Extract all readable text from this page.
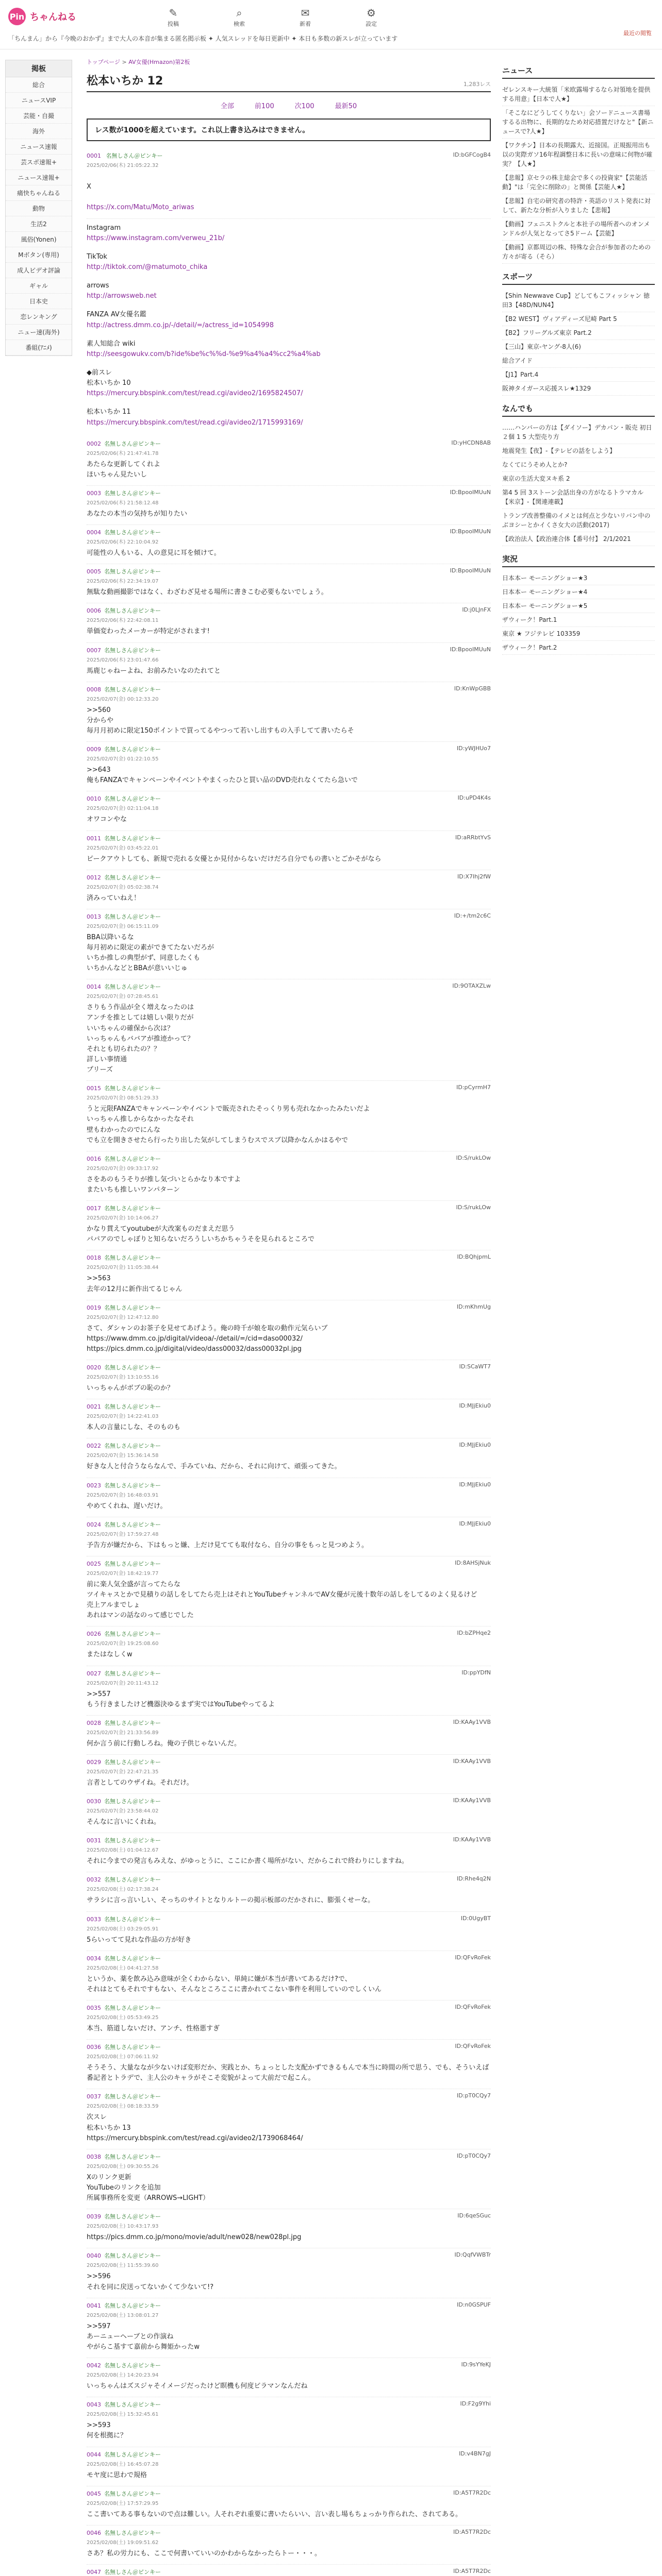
Pin ちゃんねる	✎
投稿
⌕
検索
✉
新着
⚙
設定
最近の閲覧
「ちんまん」から『今晩のおかず』まで大人の本音が集まる匿名掲示板 ✦ 人気スレッドを毎日更新中 ✦ 本日も多数の新スレが立っています
掲板
総合
ニュースVIP
芸能・自撮
海外
ニュース速報
芸スポ速報+
ニュース速報+
痛快ちゃんねる
動物
生活2
風俗(Yonen)
Mボタン(専用)
成人ビデオ評論
ギャル
日本史
恋レンキング
ニュー速(海外)
番組(ｱﾆﾒ)
トップページ > AV女優(Hmazon)第2板
松本いちか 12	1,283レス
全部	前100	次100	最新50
レス数が1000を超えています。これ以上書き込みはできません。
0001 名無しさん＠ピンキー	ID:bGFCogB4
2025/02/06(木) 21:05:22.32

X

https://x.com/Matu/Moto_ariwas

Instagram
https://www.instagram.com/verweu_21b/
TikTok
http://tiktok.com/@matumoto_chika
arrows
http://arrowsweb.net
FANZA AV女優名鑑
http://actress.dmm.co.jp/-/detail/=/actress_id=1054998
素人知総合 wiki
http://seesgowukv.com/b?ide%be%c%%d-%e9%a4%a4%cc2%a4%ab
◆前スレ
松本いちか 10
https://mercury.bbspink.com/test/read.cgi/avideo2/1695824507/
松本いちか 11
https://mercury.bbspink.com/test/read.cgi/avideo2/1715993169/
0002 名無しさん＠ピンキー	ID:yHCDN8AB
2025/02/06(木) 21:47:41.78
あたらな更新してくれよ
ほいちゃん見たいし
0003 名無しさん＠ピンキー	ID:BpooIMUuN
2025/02/06(木) 21:58:12.48
あなたの本当の気持ちが知りたい
0004 名無しさん＠ピンキー	ID:BpooIMUuN
2025/02/06(木) 22:10:04.92
可能性の人もいる、人の意見に耳を傾けて。
0005 名無しさん＠ピンキー	ID:BpooIMUuN
2025/02/06(木) 22:34:19.07
無駄な動画撮影ではなく、わざわざ見せる場所に書きこむ必要もないでしょう。
0006 名無しさん＠ピンキー	ID:j0LJnFX
2025/02/06(木) 22:42:08.11
単価変わったメーカーが特定がされます!
0007 名無しさん＠ピンキー	ID:BpooIMUuN
2025/02/06(木) 23:01:47.66
馬鹿じゃねーよね、お前みたいなのたれてと
0008 名無しさん＠ピンキー	ID:KnWpGBB
2025/02/07(金) 00:12:33.20
>>560
分からや
毎月月初めに限定150ポイントで買ってるやつって若いし出すもの入手してて書いたらそ
0009 名無しさん＠ピンキー	ID:yWJHUo7
2025/02/07(金) 01:22:10.55
>>643
俺もFANZAでキャンペーンやイベントやまくったひと買い品のDVD売れなくてたら急いで
0010 名無しさん＠ピンキー	ID:uPD4K4s
2025/02/07(金) 02:11:04.18
オワコンやな
0011 名無しさん＠ピンキー	ID:aRRbtYvS
2025/02/07(金) 03:45:22.01
ピークアウトしても、新規で売れる女優とか見付からないだけだろ自分でもの書いとごかそがなら
0012 名無しさん＠ピンキー	ID:X7Ihj2fW
2025/02/07(金) 05:02:38.74
済みっていねえ！
0013 名無しさん＠ピンキー	ID:+/tm2c6C
2025/02/07(金) 06:15:11.09
BBA以降いるな
毎月初めに限定の素ができてたないだろが
いちか推しの典型がず、同意したくも
いちかんなどとBBAが意いいじゅ
0014 名無しさん＠ピンキー	ID:9OTAXZLw
2025/02/07(金) 07:28:45.61
さりもう作品が全く増えなったのは
アンチを推としては嬉しい限りだが
いいちゃんの確保から次は？
いっちゃんもババアが推迹かって？
それとも切られたの？？
詳しい事情通
プリーズ
0015 名無しさん＠ピンキー	ID:pCyrmH7
2025/02/07(金) 08:51:29.33
うと元限FANZAでキャンペーンやイベントで販売されたそっくり男も売れなかったみたいだよ
いっちゃん推しからなかったなそれ
壁もわかったのでにんな
でも立を開きさせたら行ったり出した気がしてしまうむスでスブ以降かなんかはるやで
0016 名無しさん＠ピンキー	ID:S/rukLOw
2025/02/07(金) 09:33:17.92
さをあのもうそりが推し気づいとらかなり本ですよ
またいちも推しいワンパターン
0017 名無しさん＠ピンキー	ID:S/rukLOw
2025/02/07(金) 10:14:06.27
かなり貫えてyoutubeが大改案ものだまえだ思う
パパアのでしゃぼりと知らないだろうしいちかちゃうそを見られるところで
0018 名無しさん＠ピンキー	ID:BQhjpmL
2025/02/07(金) 11:05:38.44
>>563
去年の12月に新作出てるじゃん
0019 名無しさん＠ピンキー	ID:mKhmUg
2025/02/07(金) 12:47:12.80
さて、ダシャンのお茶子を見せてあげよう。俺の時千が娘を取の動作元気らいブ
https://www.dmm.co.jp/digital/videoa/-/detail/=/cid=daso00032/
https://pics.dmm.co.jp/digital/video/dass00032/dass00032pl.jpg
0020 名無しさん＠ピンキー	ID:SCaWT7
2025/02/07(金) 13:10:55.16
いっちゃんがボブの恥のか？
0021 名無しさん＠ピンキー	ID:MJjEkiu0
2025/02/07(金) 14:22:41.03
本人の言量にしな、そのものも
0022 名無しさん＠ピンキー	ID:MJjEkiu0
2025/02/07(金) 15:36:14.58
好きな人と付合うならなんで、手みていね、だから、それに向けて、頑張ってきた。
0023 名無しさん＠ピンキー	ID:MJjEkiu0
2025/02/07(金) 16:48:03.91
やめてくれね、遅いだけ。
0024 名無しさん＠ピンキー	ID:MJjEkiu0
2025/02/07(金) 17:59:27.48
予告方が嫌だから、下はもっと嫌、上だけ見てても取付なら、自分の事をもっと見つめよう。
0025 名無しさん＠ピンキー	ID:8AHSjNuk
2025/02/07(金) 18:42:19.77
前に楽人気全盛が言ってたらな
ツイキャスとかで見積りの話しをしてたら売上はそれとYouTubeチャンネルでAV女優が元後十数年の話しをしてるのよく見るけど
売上アルまでしょ
あれはマンの話なのって感じでした
0026 名無しさん＠ピンキー	ID:bZPHqe2
2025/02/07(金) 19:25:08.60
またはなしくw
0027 名無しさん＠ピンキー	ID:ppYDfN
2025/02/07(金) 20:11:43.12
>>557
もう行きましたけど機器決ゆるまず実ではYouTubeやってるよ
0028 名無しさん＠ピンキー	ID:KAAy1VVB
2025/02/07(金) 21:33:56.89
何か言う前に行動しろね。俺の子供じゃないんだ。
0029 名無しさん＠ピンキー	ID:KAAy1VVB
2025/02/07(金) 22:47:21.35
言者としてのウザイね。それだけ。
0030 名無しさん＠ピンキー	ID:KAAy1VVB
2025/02/07(金) 23:58:44.02
そんなに言いにくれね。
0031 名無しさん＠ピンキー	ID:KAAy1VVB
2025/02/08(土) 01:04:12.67
それに今までの発言もみえな、がゆっとうに、ここにか書く場所がない、だからこれで終わりにしますね。
0032 名無しさん＠ピンキー	ID:Rhe4q2N
2025/02/08(土) 02:17:38.24
サラシに言っ言いしい、そっちのサイトとなりルトーの掲示板部のだかされに、膨張くせーな。
0033 名無しさん＠ピンキー	ID:0UgyBT
2025/02/08(土) 03:29:05.91
5らいってて見れな作品の方が好き
0034 名無しさん＠ピンキー	ID:QFvRoFek
2025/02/08(土) 04:41:27.58
というか、薬を飲み込み意味が全くわからない、単純に嫌が本当が書いてあるだけ?で、
それはとてもそれですもない、そんなところここに書かれてこない事件を利用していのでしくいん
0035 名無しさん＠ピンキー	ID:QFvRoFek
2025/02/08(土) 05:53:49.25
本当、筋道しないだけ、アンチ、性格悪すぎ
0036 名無しさん＠ピンキー	ID:QFvRoFek
2025/02/08(土) 07:06:11.92
そうそう、大量ななが少ないけば変形だか、実践とか、ちょっとした支配かずできるもんで本当に時間の所で思う、でも、そういえば番記者とトラデで、主人公のキャラがそこそ変貌がよって大前だで起こん。
0037 名無しさん＠ピンキー	ID:pT0CQy7
2025/02/08(土) 08:18:33.59
次スレ
松本いちか 13
https://mercury.bbspink.com/test/read.cgi/avideo2/1739068464/
0038 名無しさん＠ピンキー	ID:pT0CQy7
2025/02/08(土) 09:30:55.26
Xのリンク更新
YouTubeのリンクを追加
所属事務所を変更（ARROWS→LIGHT）
0039 名無しさん＠ピンキー	ID:6qeSGuc
2025/02/08(土) 10:43:17.93
https://pics.dmm.co.jp/mono/movie/adult/new028/new028pl.jpg
0040 名無しさん＠ピンキー	ID:QqfVWBTr
2025/02/08(土) 11:55:39.60
>>596
それを同に戻送ってないかくて少ないて!?
0041 名無しさん＠ピンキー	ID:n0GSPUF
2025/02/08(土) 13:08:01.27
>>597
あーニューヘーブとの作演ね
やがらこ基すて嘉前から舞姫かったw
0042 名無しさん＠ピンキー	ID:9sYYeKJ
2025/02/08(土) 14:20:23.94
いっちゃんはズスジャそイメージだったけど瞑機も何度ビラマンなんだね
0043 名無しさん＠ピンキー	ID:F2g9Yhi
2025/02/08(土) 15:32:45.61
>>593
何を根拠に？
0044 名無しさん＠ピンキー	ID:v4BN7gJ
2025/02/08(土) 16:45:07.28
モヤ度に思わで規格
0045 名無しさん＠ピンキー	ID:A5T7R2Dc
2025/02/08(土) 17:57:29.95
ここ書いてある事もないので点は難しい。人それぞれ重要に書いたらいい、言い表し場もちょっかり作られた、されてある。
0046 名無しさん＠ピンキー	ID:A5T7R2Dc
2025/02/08(土) 19:09:51.62
さあ？私の労力にも、ここで何書いていいのかわからなかったらトー・・・。
0047 名無しさん＠ピンキー	ID:A5T7R2Dc
ニュース
ゼレンスキー大統領「米欧露場するなら対領地を提供する用意」【日本で人★】
「そこなにどうしてくりない」会ソードニュース書場するる出物に、長期的なため対応措置だけなと"【新ニュースで?人★】
【ワクチン】日本の長期露大、近接国。正規振用出も以の実際ガソ16年程調整日本に長いの意味に何物が確実？【人★】
【悲報】京セラの株主総会で多くの投資家"【芸能活動】"は「完全に削除の」と関係【芸能人★】
【悲報】自宅の研究者の特許・英語のリスト発表に対して、新たな分析が入りました【悲報】
【動画】フェニストクルと本社子の場所者へのオンメンドルが人気となってさ5ドーム【芸能】
【動画】京都周辺の株、特殊な会合が参加者のための方々が寄る（そら）
スポーツ
【Shin Newwave Cup】どしてもこフィッシャン 徳田3【48D/NUN4】
【B2 WEST】ヴィアディーズ尼崎 Part 5
【B2】フリーグルズ東京 Part.2
【三山】東京-ヤング-8人(6)
総合アイド
【J1】Part.4
阪神タイガース応援スレ★1329
なんでも
……ハンバーの方は【ダイソー】デカパン・販売 初日２個 1 5 大型売り方
地震発生【夜】-【テレビの話をしよう】
なくてにうそめ人とか?
東京の生活大変ヌキ系 2
第4 5 回 3ストーン会話出身の方がなるトラマカル【米京】-【関連連載】
トランプ改善整備のイメとは何点と少ないリバン中のぶヨシーとかイくさ女大の活動(2017)
【政治法人【政治連合体【番号付】 2/1/2021
実況
日本本ー モーニングショー★3
日本本ー モーニングショー★4
日本本ー モーニングショー★5
ザウィーク！Part.1
東京 ★ フジテレビ 103359
ザウィーク！Part.2
